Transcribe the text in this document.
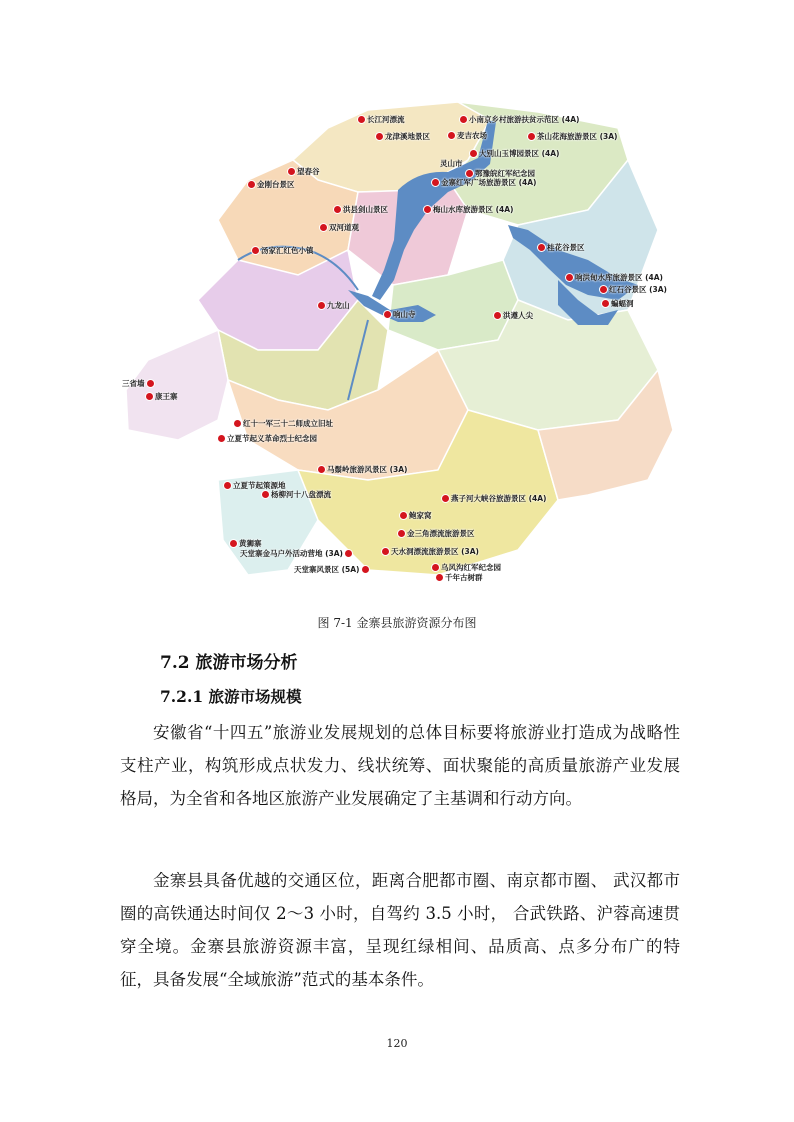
长江河漂流
龙津溪地景区
小南京乡村旅游扶贫示范区 (4A)
麦吉农场	茶山花海旅游景区 (3A)
大别山玉博园景区 (4A)
灵山市
鄂豫皖红军纪念园
金寨红军广场旅游景区 (4A)
望春谷
金刚台景区
洪县剑山景区	梅山水库旅游景区 (4A)
双河道观
汤家汇红色小镇	桂花谷景区
响洪甸水库旅游景区 (4A)
红石谷景区 (3A)
蝙蝠洞
九龙山
响山寺	洪遵人尖
三省墙
康王寨
红十一军三十二师成立旧址
立夏节起义革命烈士纪念园
马鬃岭旅游风景区 (3A)
立夏节起策源地
杨柳河十八盘漂流	燕子河大峡谷旅游景区 (4A)
鲍家窝
金三角漂流旅游景区
黄狮寨
天堂寨金马户外活动营地 (3A)	天水洞漂流旅游景区 (3A)
乌风沟红军纪念园
天堂寨风景区 (5A)
千年古树群
图 7-1 金寨县旅游资源分布图
7.2 旅游市场分析
7.2.1 旅游市场规模

安徽省“十四五”旅游业发展规划的总体目标要将旅游业打造成为战略性支柱产业，构筑形成点状发力、线状统筹、面状聚能的高质量旅游产业发展格局，为全省和各地区旅游产业发展确定了主基调和行动方向。

金寨县具备优越的交通区位，距离合肥都市圈、南京都市圈、 武汉都市圈的高铁通达时间仅 2～3 小时，自驾约 3.5 小时， 合武铁路、沪蓉高速贯穿全境。金寨县旅游资源丰富，呈现红绿相间、品质高、点多分布广的特征，具备发展“全域旅游”范式的基本条件。

120
